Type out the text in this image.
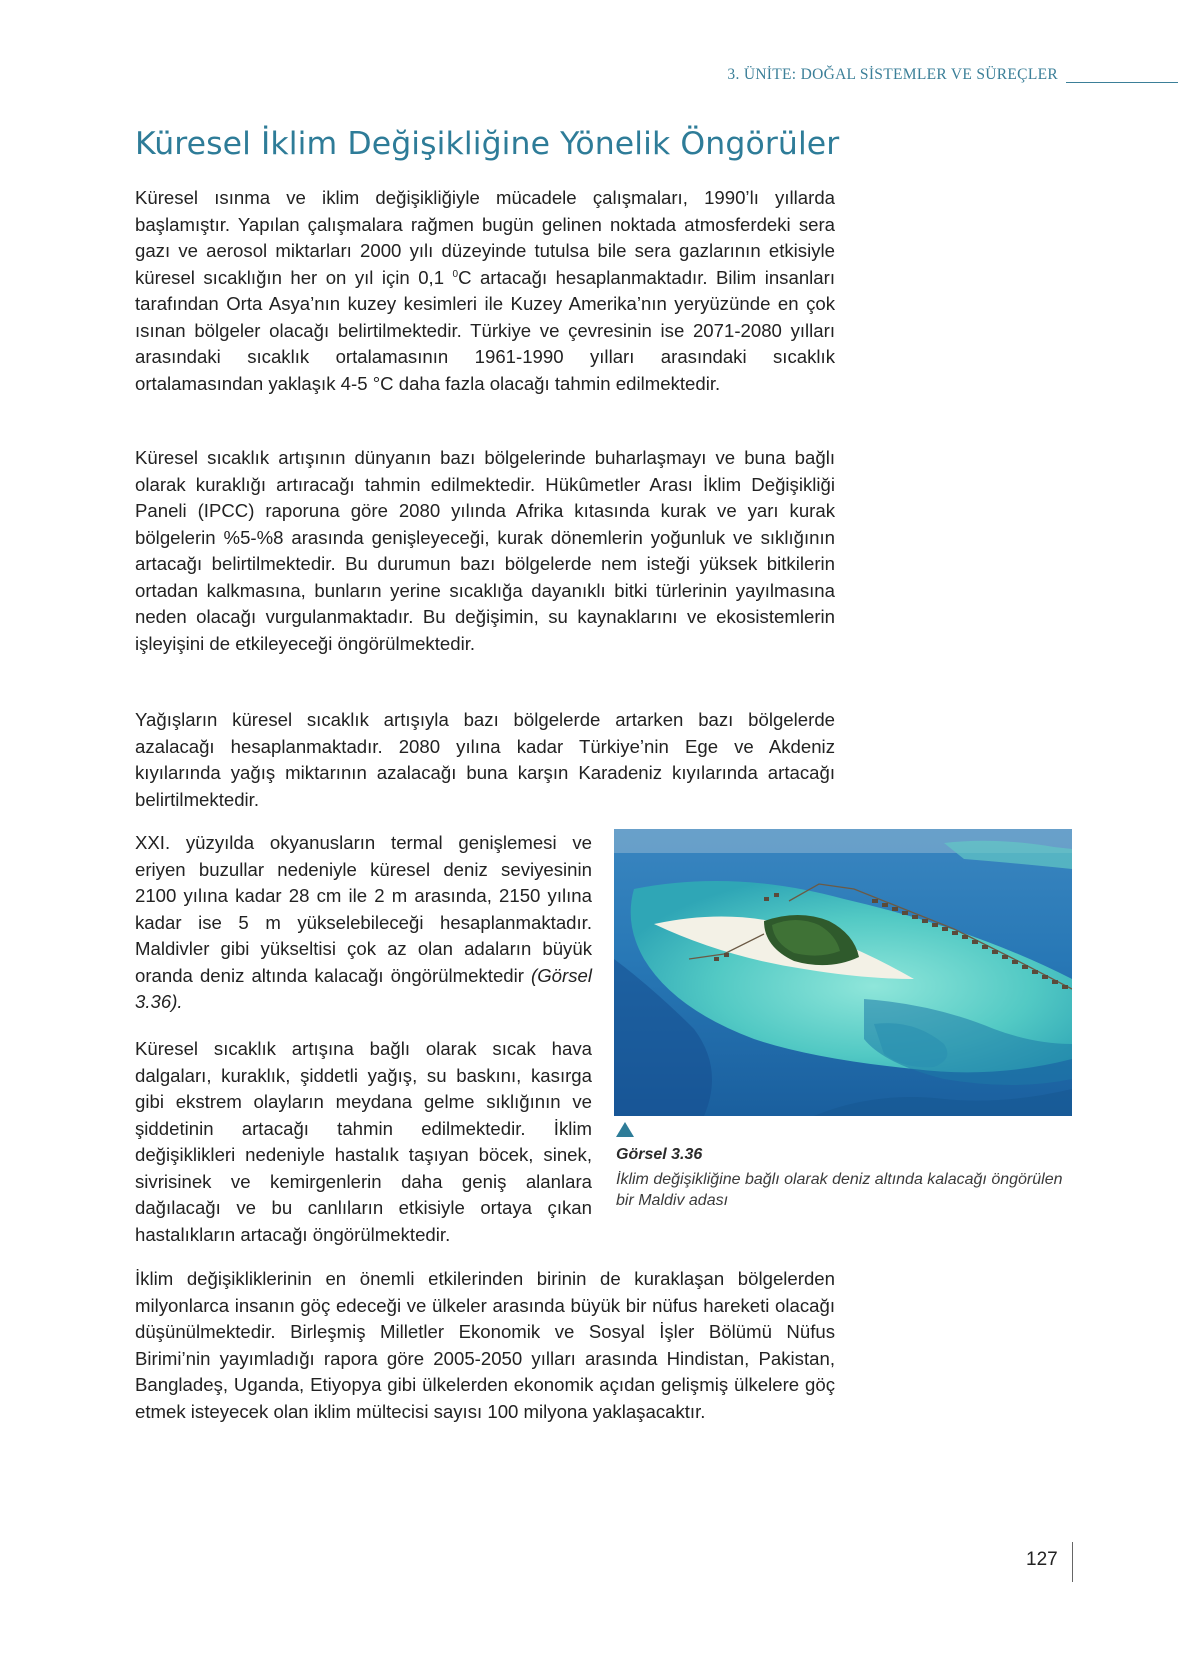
3. ÜNİTE: DOĞAL SİSTEMLER VE SÜREÇLER
Küresel İklim Değişikliğine Yönelik Öngörüler

Küresel ısınma ve iklim değişikliğiyle mücadele çalışmaları, 1990’lı yıllarda başlamıştır. Yapılan çalışmalara rağmen bugün gelinen noktada atmosferdeki sera gazı ve aerosol miktarları 2000 yılı düzeyinde tutulsa bile sera gazlarının etkisiyle küresel sıcaklığın her on yıl için 0,1 $^0$C artacağı hesaplanmaktadır. Bilim insanları tarafından Orta Asya’nın kuzey kesimleri ile Kuzey Amerika’nın yeryüzünde en çok ısınan bölgeler olacağı belirtilmektedir. Türkiye ve çevresinin ise 2071-2080 yılları arasındaki sıcaklık ortalamasının 1961-1990 yılları arasındaki sıcaklık ortalamasından yaklaşık 4-5 °C daha fazla olacağı tahmin edilmektedir.

Küresel sıcaklık artışının dünyanın bazı bölgelerinde buharlaşmayı ve buna bağlı olarak kuraklığı artıracağı tahmin edilmektedir. Hükûmetler Arası İklim Değişikliği Paneli (IPCC) raporuna göre 2080 yılında Afrika kıtasında kurak ve yarı kurak bölgelerin %5-%8 arasında genişleyeceği, kurak dönemlerin yoğunluk ve sıklığının artacağı belirtilmektedir. Bu durumun bazı bölgelerde nem isteği yüksek bitkilerin ortadan kalkmasına, bunların yerine sıcaklığa dayanıklı bitki türlerinin yayılmasına neden olacağı vurgulanmaktadır. Bu değişimin, su kaynaklarını ve ekosistemlerin işleyişini de etkileyeceği öngörülmektedir.

Yağışların küresel sıcaklık artışıyla bazı bölgelerde artarken bazı bölgelerde azalacağı hesaplanmaktadır. 2080 yılına kadar Türkiye’nin Ege ve Akdeniz kıyılarında yağış miktarının azalacağı buna karşın Karadeniz kıyılarında artacağı belirtilmektedir.

XXI. yüzyılda okyanusların termal genişlemesi ve eriyen buzullar nedeniyle küresel deniz seviyesinin 2100 yılına kadar 28 cm ile 2 m arasında, 2150 yılına kadar ise 5 m yükselebileceği hesaplanmaktadır. Maldivler gibi yükseltisi çok az olan adaların büyük oranda deniz altında kalacağı öngörülmektedir (Görsel 3.36).

Küresel sıcaklık artışına bağlı olarak sıcak hava dalgaları, kuraklık, şiddetli yağış, su baskını, kasırga gibi ekstrem olayların meydana gelme sıklığının ve şiddetinin artacağı tahmin edilmektedir. İklim değişiklikleri nedeniyle hastalık taşıyan böcek, sinek, sivrisinek ve kemirgenlerin daha geniş alanlara dağılacağı ve bu canlıların etkisiyle ortaya çıkan hastalıkların artacağı öngörülmektedir.

Görsel 3.36

İklim değişikliğine bağlı olarak deniz altında kalacağı öngörülen bir Maldiv adası

İklim değişikliklerinin en önemli etkilerinden birinin de kuraklaşan bölgelerden milyonlarca insanın göç edeceği ve ülkeler arasında büyük bir nüfus hareketi olacağı düşünülmektedir. Birleşmiş Milletler Ekonomik ve Sosyal İşler Bölümü Nüfus Birimi’nin yayımladığı rapora göre 2005-2050 yılları arasında Hindistan, Pakistan, Bangladeş, Uganda, Etiyopya gibi ülkelerden ekonomik açıdan gelişmiş ülkelere göç etmek isteyecek olan iklim mültecisi sayısı 100 milyona yaklaşacaktır.

127
